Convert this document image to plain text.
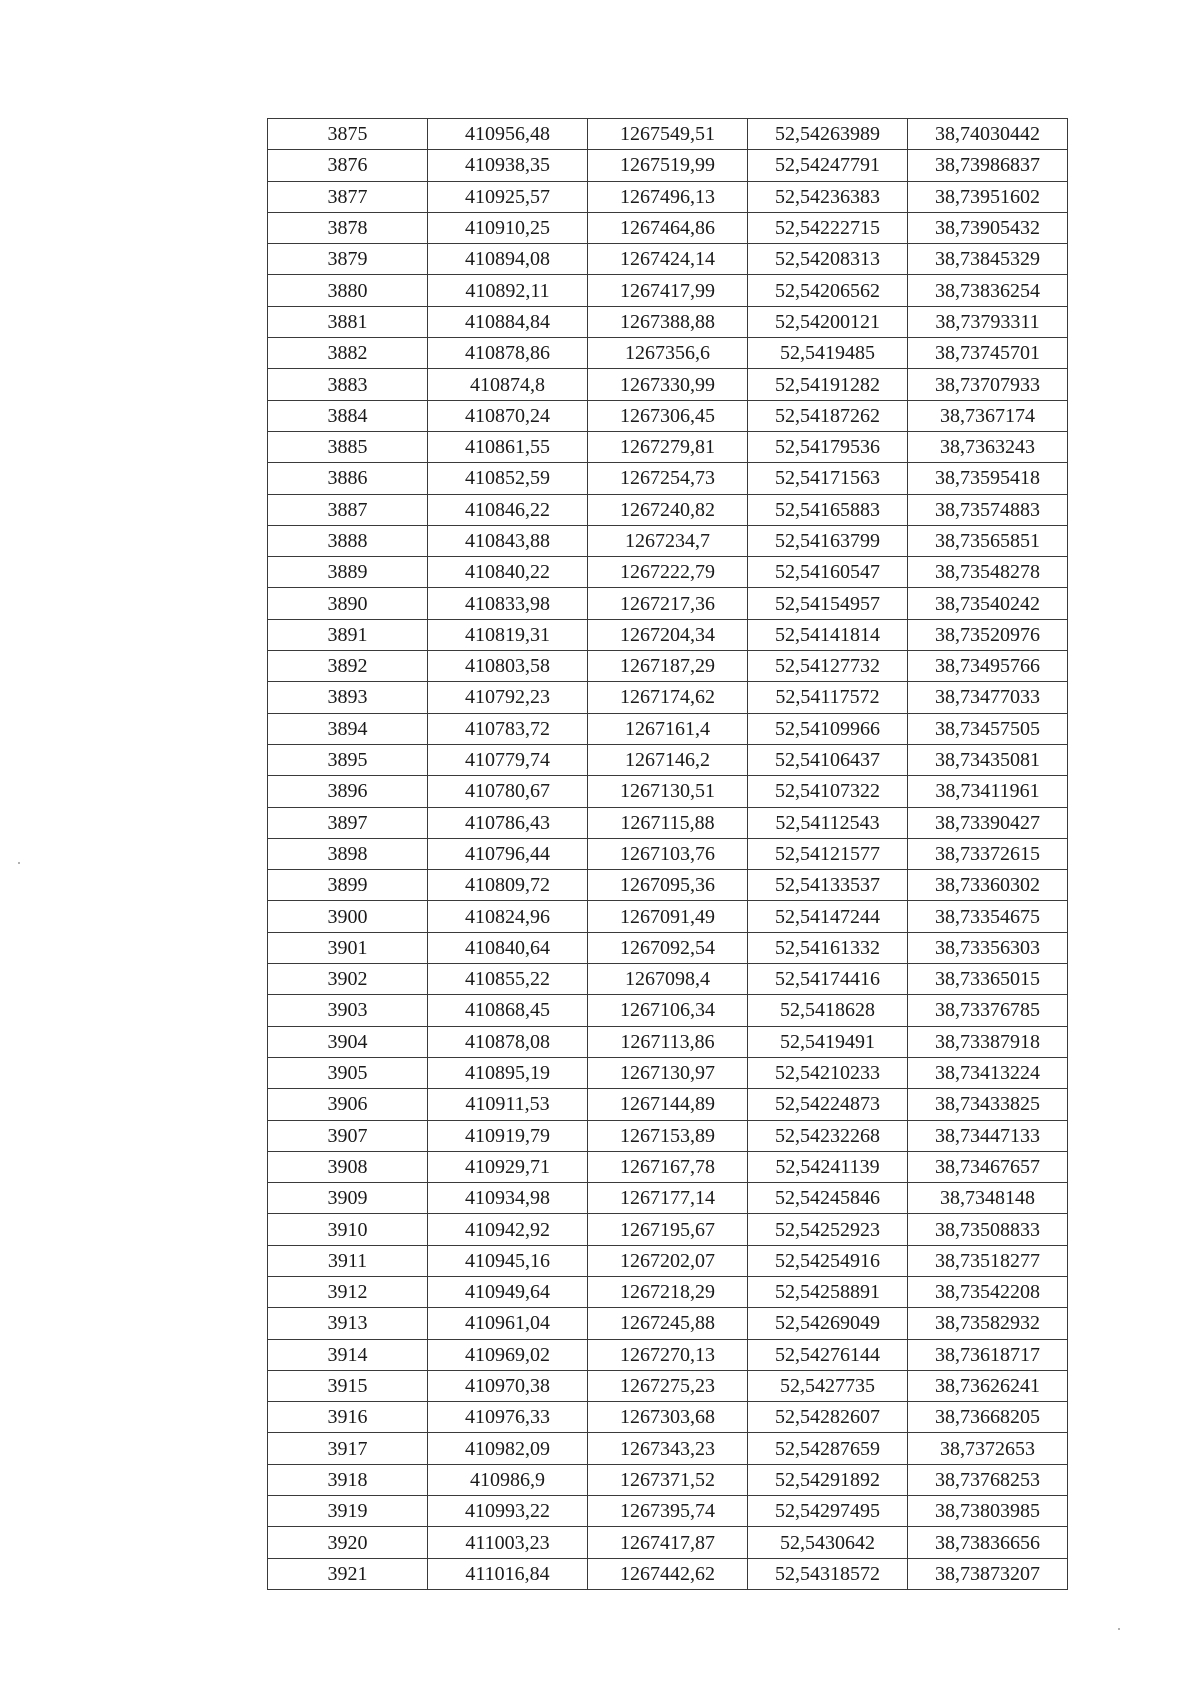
3875	410956,48	1267549,51	52,54263989	38,74030442
3876	410938,35	1267519,99	52,54247791	38,73986837
3877	410925,57	1267496,13	52,54236383	38,73951602
3878	410910,25	1267464,86	52,54222715	38,73905432
3879	410894,08	1267424,14	52,54208313	38,73845329
3880	410892,11	1267417,99	52,54206562	38,73836254
3881	410884,84	1267388,88	52,54200121	38,73793311
3882	410878,86	1267356,6	52,5419485	38,73745701
3883	410874,8	1267330,99	52,54191282	38,73707933
3884	410870,24	1267306,45	52,54187262	38,7367174
3885	410861,55	1267279,81	52,54179536	38,7363243
3886	410852,59	1267254,73	52,54171563	38,73595418
3887	410846,22	1267240,82	52,54165883	38,73574883
3888	410843,88	1267234,7	52,54163799	38,73565851
3889	410840,22	1267222,79	52,54160547	38,73548278
3890	410833,98	1267217,36	52,54154957	38,73540242
3891	410819,31	1267204,34	52,54141814	38,73520976
3892	410803,58	1267187,29	52,54127732	38,73495766
3893	410792,23	1267174,62	52,54117572	38,73477033
3894	410783,72	1267161,4	52,54109966	38,73457505
3895	410779,74	1267146,2	52,54106437	38,73435081
3896	410780,67	1267130,51	52,54107322	38,73411961
3897	410786,43	1267115,88	52,54112543	38,73390427
3898	410796,44	1267103,76	52,54121577	38,73372615
3899	410809,72	1267095,36	52,54133537	38,73360302
3900	410824,96	1267091,49	52,54147244	38,73354675
3901	410840,64	1267092,54	52,54161332	38,73356303
3902	410855,22	1267098,4	52,54174416	38,73365015
3903	410868,45	1267106,34	52,5418628	38,73376785
3904	410878,08	1267113,86	52,5419491	38,73387918
3905	410895,19	1267130,97	52,54210233	38,73413224
3906	410911,53	1267144,89	52,54224873	38,73433825
3907	410919,79	1267153,89	52,54232268	38,73447133
3908	410929,71	1267167,78	52,54241139	38,73467657
3909	410934,98	1267177,14	52,54245846	38,7348148
3910	410942,92	1267195,67	52,54252923	38,73508833
3911	410945,16	1267202,07	52,54254916	38,73518277
3912	410949,64	1267218,29	52,54258891	38,73542208
3913	410961,04	1267245,88	52,54269049	38,73582932
3914	410969,02	1267270,13	52,54276144	38,73618717
3915	410970,38	1267275,23	52,5427735	38,73626241
3916	410976,33	1267303,68	52,54282607	38,73668205
3917	410982,09	1267343,23	52,54287659	38,7372653
3918	410986,9	1267371,52	52,54291892	38,73768253
3919	410993,22	1267395,74	52,54297495	38,73803985
3920	411003,23	1267417,87	52,5430642	38,73836656
3921	411016,84	1267442,62	52,54318572	38,73873207
